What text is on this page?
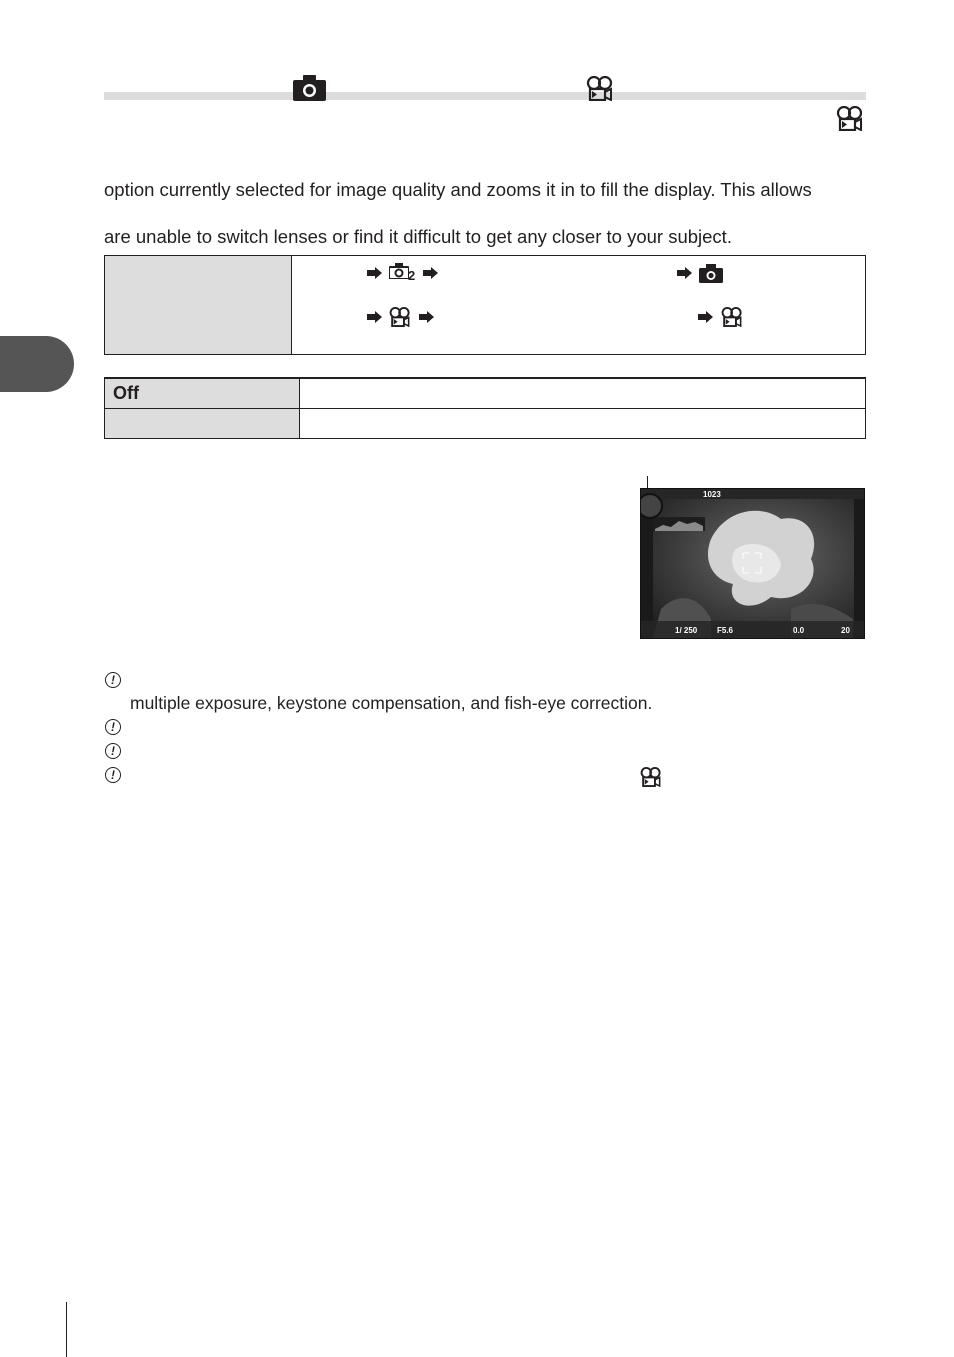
option currently selected for image quality and zooms it in to fill the display. This allows
are unable to switch lenses or find it difficult to get any closer to your subject.

2
Off	

1023
1/ 250 F5.6	0.0	20
!
multiple exposure, keystone compensation, and fish-eye correction.
!
!
!
